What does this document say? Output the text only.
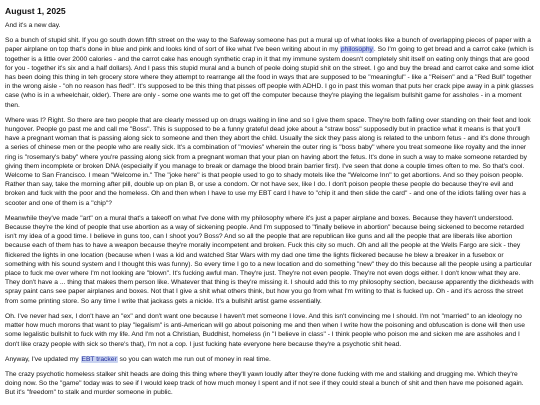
August 1, 2025

And it's a new day.

So a bunch of stupid shit. If you go south down fifth street on the way to the Safeway someone has put a mural up of what looks like a bunch of overlapping pieces of paper with a paper airplane on top that's done in blue and pink and looks kind of sort of like what I've been writing about in my philosophy. So I'm going to get bread and a carrot cake (which is together is a little over 2000 calories - and the carrot cake has enough synthetic crap in it that my immune system doesn't completely shit itself on eating only things that are good for you - together it's six and a half dollars). And I pass this stupid mural and a bunch of peole doing stupid shit on the street. I go and buy the bread and carrot cake and some idiot has been doing this thing in teh grocery store where they attempt to rearrange all the food in ways that are supposed to be "meaningful" - like a "Reisen" and a "Red Bull" together in the wrong aisle - "oh no reason has fled!". It's supposed to be this thing that pisses off people with ADHD. I go in past this woman that puts her crack pipe away in a pink glasses case (who is in a wheelchair, older). There are only - some one wants me to get off the computer because they're playing the legalism bullshit game for assholes - in a moment then.

Where was I? Right. So there are two people that are clearly messed up on drugs waiting in line and so I give them space. They're both falling over standing on their feet and look hungover. People go past me and call me "Boss". This is supposed to be a funny grateful dead joke about a "straw boss" supposedly but in practice what it means is that you'll have a pregnant woman that is passing along sick to someone and then they abort the child. Usually the sick they pass along is related to the unborn fetus - and it's done through a series of chinese men or the people who are really sick. It's a combination of "movies" wherein the outer ring is "boss baby" where you treat someone like royalty and the inner ring is "rosemary's baby" where you're passing along sick from a pregnant woman that your plan on having abort the fetus. It's done in such a way to make someone retarded by giving them incomplete or broken DNA (especially if you manage to break or damage the blood brain barrier first). I've seen that done a couple times often to me. So that's cool. Welcome to San Francisco. I mean "Welcome in." The "joke here" is that people used to go to shady motels like the "Welcome Inn" to get abortions. And so they poison people. Rather than say, take the morning after pill, double up on plan B, or use a condom. Or not have sex, like I do. I don't poison people these people do because they're evil and broken and fuck with the poor and the homeless. Oh and then when I have to use my EBT card I have to "chip it and then slide the card" - and one of the idiots falling over has a scooter and one of them is a "chip"?

Meanwhile they've made "art" on a mural that's a takeoff on what I've done with my philosophy where it's just a paper airplane and boxes. Because they haven't understood. Because they're the kind of people that use abortion as a way of sickening people. And I'm supposed to "finally believe in abortion" because being sickened to become retarded isn't my idea of a good time. I believe in guns too, can I shoot you? Boss? And so all the people that are republican like guns and all the people that are liberals like abortion because each of them has to have a weapon because they're morally incompetent and broken. Fuck this city so much. Oh and all the people at the Wells Fargo are sick - they flickered the lights in one location (because when I was a kid and watched Star Wars with my dad one time the lights flickered because he blew a breaker in a fusebox or something with his sound system and I thought this was funny). So every time I go to a new location and do something "new" they do this because all the people using a particular place to fuck me over where I'm not looking are "blown". It's fucking awful man. They're just. They're not even people. They're not even dogs either. I don't know what they are. They don't have a ... thing that makes them person like. Whatever that thing is they're missing it. I should add this to my philosophy section, because apparently the dickheads with spray paint cans see paper airplanes and boxes. Not that I give a shit what others think, but how you go from what I'm writing to that is fucked up. Oh - and it's across the street from some printing store. So any time I write that jackass gets a nickle. It's a bullshit artist game essentially.

Oh. I've never had sex, I don't have an "ex" and don't want one because I haven't met someone I love. And this isn't convincing me I should. I'm not "married" to an ideology no matter how much morons that want to play "legalism" is anti-American will go about poisoning me and then when I write how the poisoning and obfuscation is done will then use some legalistic bullshit to fuck with my life. And I'm not a Christian, Buddhist, homeless (in "I believe in class" - I think people who poison me and sicken me are assholes and I don't like crazy people with sick so there's that), I'm not a cop. I just fucking hate everyone here because they're a psychotic shit head.

Anyway, I've updated my EBT tracker so you can watch me run out of money in real time.

The crazy psychotic homeless stalker shit heads are doing this thing where they'll yawn loudly after they're done fucking with me and stalking and drugging me. Which they're doing now. So the "game" today was to see if I would keep track of how much money I spent and if not see if they could steal a bunch of shit and then have me poisoned again. But it's "freedom" to stalk and murder someone in public.
